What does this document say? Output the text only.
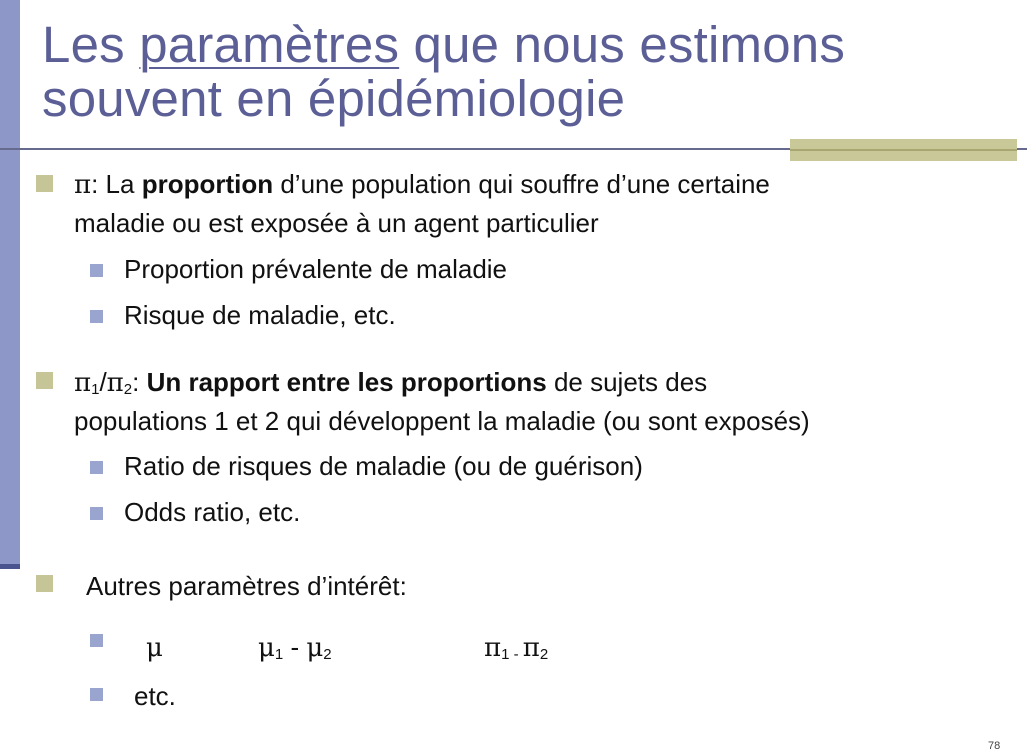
Les paramètres que nous estimons
souvent en épidémiologie
π: La proportion d’une population qui souffre d’une certaine
maladie ou est exposée à un agent particulier
Proportion prévalente de maladie
Risque de maladie, etc.
$\pi_1/\pi_2$: Un rapport entre les proportions de sujets des
populations 1 et 2 qui développent la maladie (ou sont exposés)
Ratio de risques de maladie (ou de guérison)
Odds ratio, etc.
Autres paramètres d’intérêt:
μ	$\mu_1 - \mu_2$	$\pi_{1 -}$ $\pi_2$
etc.
78
